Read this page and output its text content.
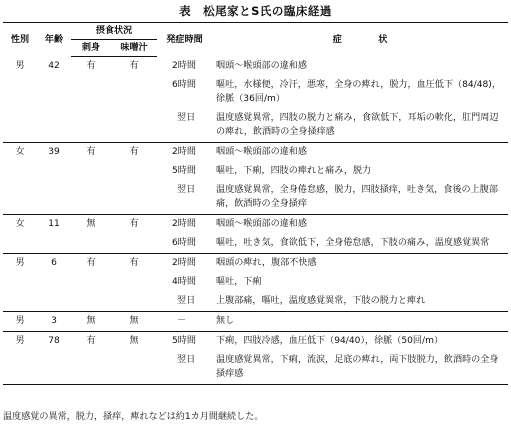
表　松尾家とS氏の臨床経過
性別	年齢	摂食状況		発症時間	症　　　　状
		刺身	味噌汁		
男	42	有	有	2時間	咽頭～喉頭部の違和感
				6時間	嘔吐，水様便，冷汗，悪寒，全身の痺れ，脱力，血圧低下（84/48)，徐脈（36回/m）
				翌日	温度感覚異常，四肢の脱力と痛み，食欲低下，耳垢の軟化，肛門周辺の痺れ，飲酒時の全身掻痒感
女	39	有	有	2時間	咽頭～喉頭部の違和感
				5時間	嘔吐，下痢，四肢の痺れと痛み，脱力
				翌日	温度感覚異常，全身倦怠感，脱力，四肢掻痒，吐き気，食後の上腹部痛，飲酒時の全身掻痒
女	11	無	有	2時間	咽頭～喉頭部の違和感
				6時間	嘔吐，吐き気，食欲低下，全身倦怠感，下肢の痛み，温度感覚異常
男	6	有	有	2時間	咽頭の痺れ，腹部不快感
				4時間	嘔吐，下痢
				翌日	上腹部痛，嘔吐，温度感覚異常，下肢の脱力と痺れ
男	3	無	無	－	無し
男	78	有	無	5時間	下痢，四肢冷感，血圧低下（94/40），徐脈（50回/m）
				翌日	温度感覚異常，下痢，流涙，足底の痺れ，両下肢脱力，飲酒時の全身掻痒感
温度感覚の異常，脱力，掻痒，痺れなどは約1カ月間継続した。
